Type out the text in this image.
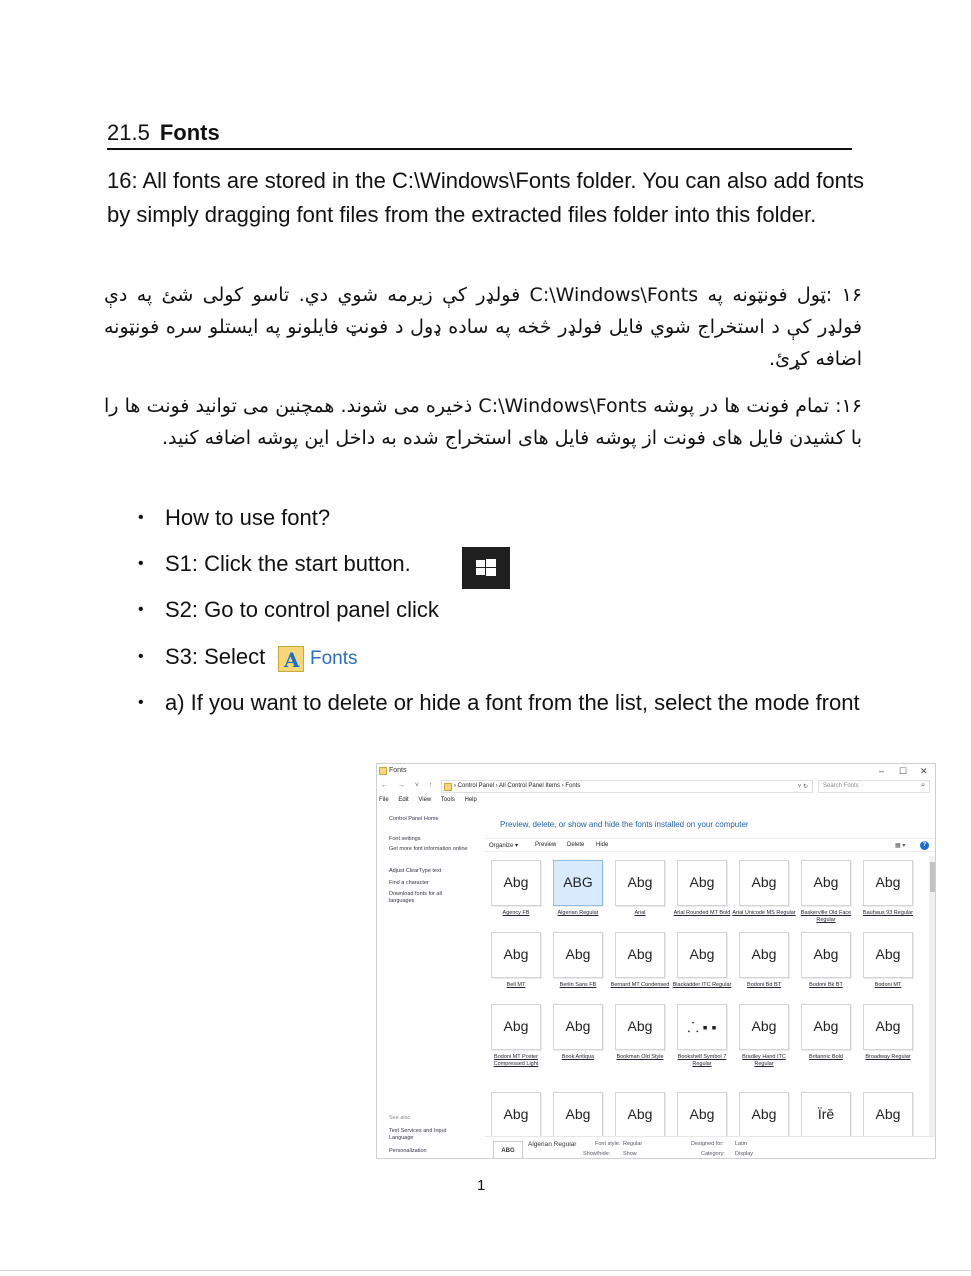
21.5 Fonts

16: All fonts are stored in the C:\Windows\Fonts folder. You can also add fonts by simply dragging font files from the extracted files folder into this folder.

۱۶ :ټول فونټونه په C:\Windows\Fonts فولډر کې زیرمه شوي دي. تاسو کولی شئ په دې فولډر کې د استخراج شوي فایل فولډر څخه په ساده ډول د فونټ فایلونو په ایستلو سره فونټونه اضافه کړئ.

۱۶: تمام فونت ها در پوشه C:\Windows\Fonts ذخیره می شوند. همچنین می توانید فونت ها را با کشیدن فایل های فونت از پوشه فایل های استخراج شده به داخل این پوشه اضافه کنید.

• How to use font?
• S1: Click the start button.
• S2: Go to control panel click
• S3: Select
• a) If you want to delete or hide a font from the list, select the mode front
A Fonts
Fonts	– ☐ ✕
← → ˅ ↑	› Control Panel › All Control Panel Items › Fonts	˅ ↻	Search Fonts	⌕
File Edit View Tools Help
Control Panel Home
Font settings
Get more font information online
Adjust ClearType text
Find a character
Download fonts for all languages
See also
Text Services and Input Language
Personalization
Preview, delete, or show and hide the fonts installed on your computer
Organize ▾	Preview Delete Hide	▦ ▾	?
Abg
Agency FB
ABG
Algerian Regular
Abg
Arial
Abg
Arial Rounded MT Bold
Abg
Arial Unicode MS Regular
Abg
Baskerville Old Face Regular
Abg
Bauhaus 93 Regular
Abg
Bell MT
Abg
Berlin Sans FB
Abg
Bernard MT Condensed
Abg
Blackadder ITC Regular
Abg
Bodoni Bd BT
Abg
Bodoni Bk BT
Abg
Bodoni MT
Abg
Bodoni MT Poster Compressed Light
Abg
Book Antiqua
Abg
Bookman Old Style
⸫ ▪ ▪
Bookshelf Symbol 7 Regular
Abg
Bradley Hand ITC Regular
Abg
Britannic Bold
Abg
Broadway Regular
Abg	Abg	Abg	Abg	Abg	Ïrĕ	Abg
ABG
Algerian Regular	Font style: Regular
Show/hide: Show
Designed for: Latin
Category: Display
1
